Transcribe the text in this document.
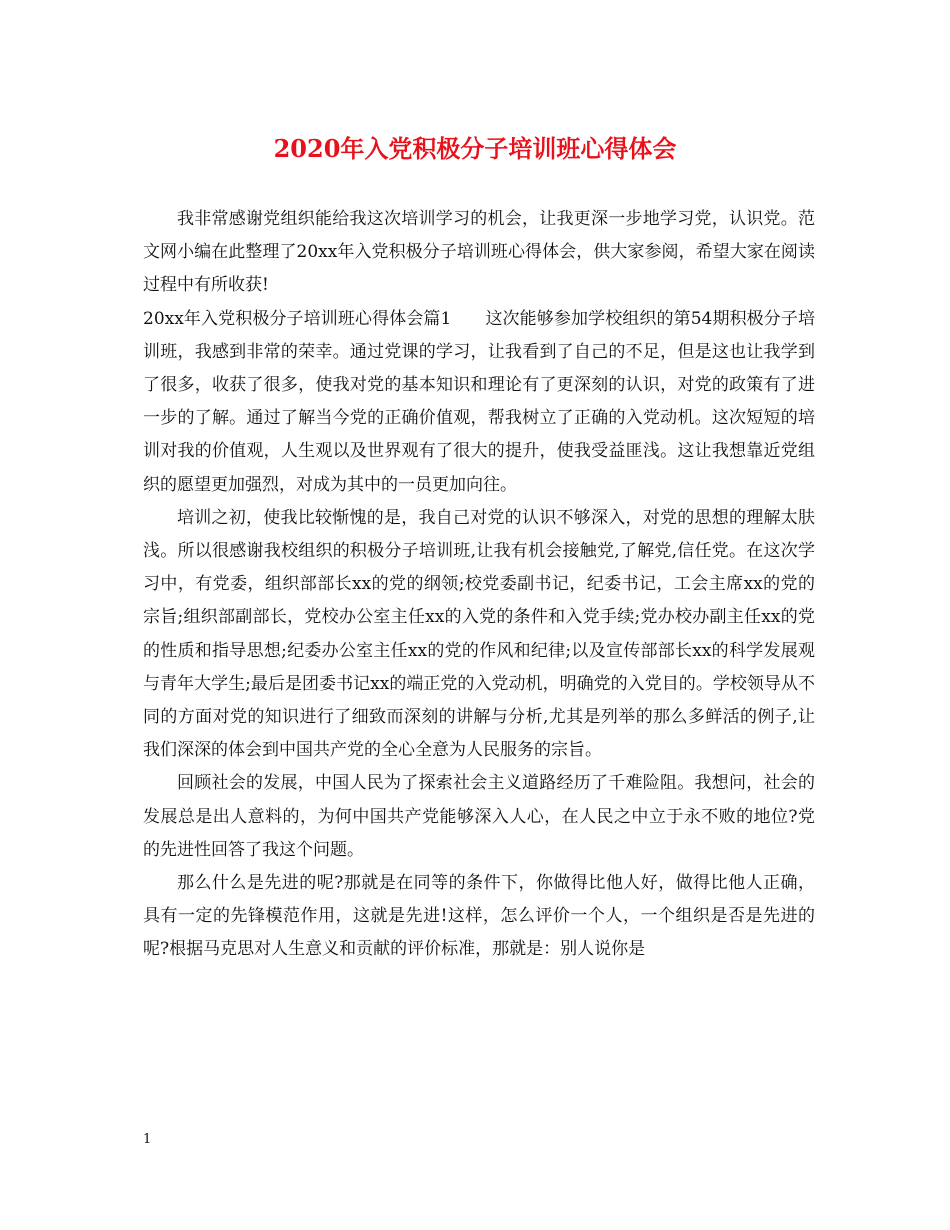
2020年入党积极分子培训班心得体会

我非常感谢党组织能给我这次培训学习的机会，让我更深一步地学习党，认识党。范文网小编在此整理了20xx年入党积极分子培训班心得体会，供大家参阅，希望大家在阅读过程中有所收获!

20xx年入党积极分子培训班心得体会篇1 这次能够参加学校组织的第54期积极分子培训班，我感到非常的荣幸。通过党课的学习，让我看到了自己的不足，但是这也让我学到了很多，收获了很多，使我对党的基本知识和理论有了更深刻的认识，对党的政策有了进一步的了解。通过了解当今党的正确价值观，帮我树立了正确的入党动机。这次短短的培训对我的价值观，人生观以及世界观有了很大的提升，使我受益匪浅。这让我想靠近党组织的愿望更加强烈，对成为其中的一员更加向往。

培训之初，使我比较惭愧的是，我自己对党的认识不够深入，对党的思想的理解太肤浅。所以很感谢我校组织的积极分子培训班,让我有机会接触党,了解党,信任党。在这次学习中，有党委，组织部部长xx的党的纲领;校党委副书记，纪委书记，工会主席xx的党的宗旨;组织部副部长，党校办公室主任xx的入党的条件和入党手续;党办校办副主任xx的党的性质和指导思想;纪委办公室主任xx的党的作风和纪律;以及宣传部部长xx的科学发展观与青年大学生;最后是团委书记xx的端正党的入党动机，明确党的入党目的。学校领导从不同的方面对党的知识进行了细致而深刻的讲解与分析,尤其是列举的那么多鲜活的例子,让我们深深的体会到中国共产党的全心全意为人民服务的宗旨。

回顾社会的发展，中国人民为了探索社会主义道路经历了千难险阻。我想问，社会的发展总是出人意料的，为何中国共产党能够深入人心，在人民之中立于永不败的地位?党的先进性回答了我这个问题。

那么什么是先进的呢?那就是在同等的条件下，你做得比他人好，做得比他人正确，具有一定的先锋模范作用，这就是先进!这样，怎么评价一个人，一个组织是否是先进的呢?根据马克思对人生意义和贡献的评价标准，那就是：别人说你是

1
